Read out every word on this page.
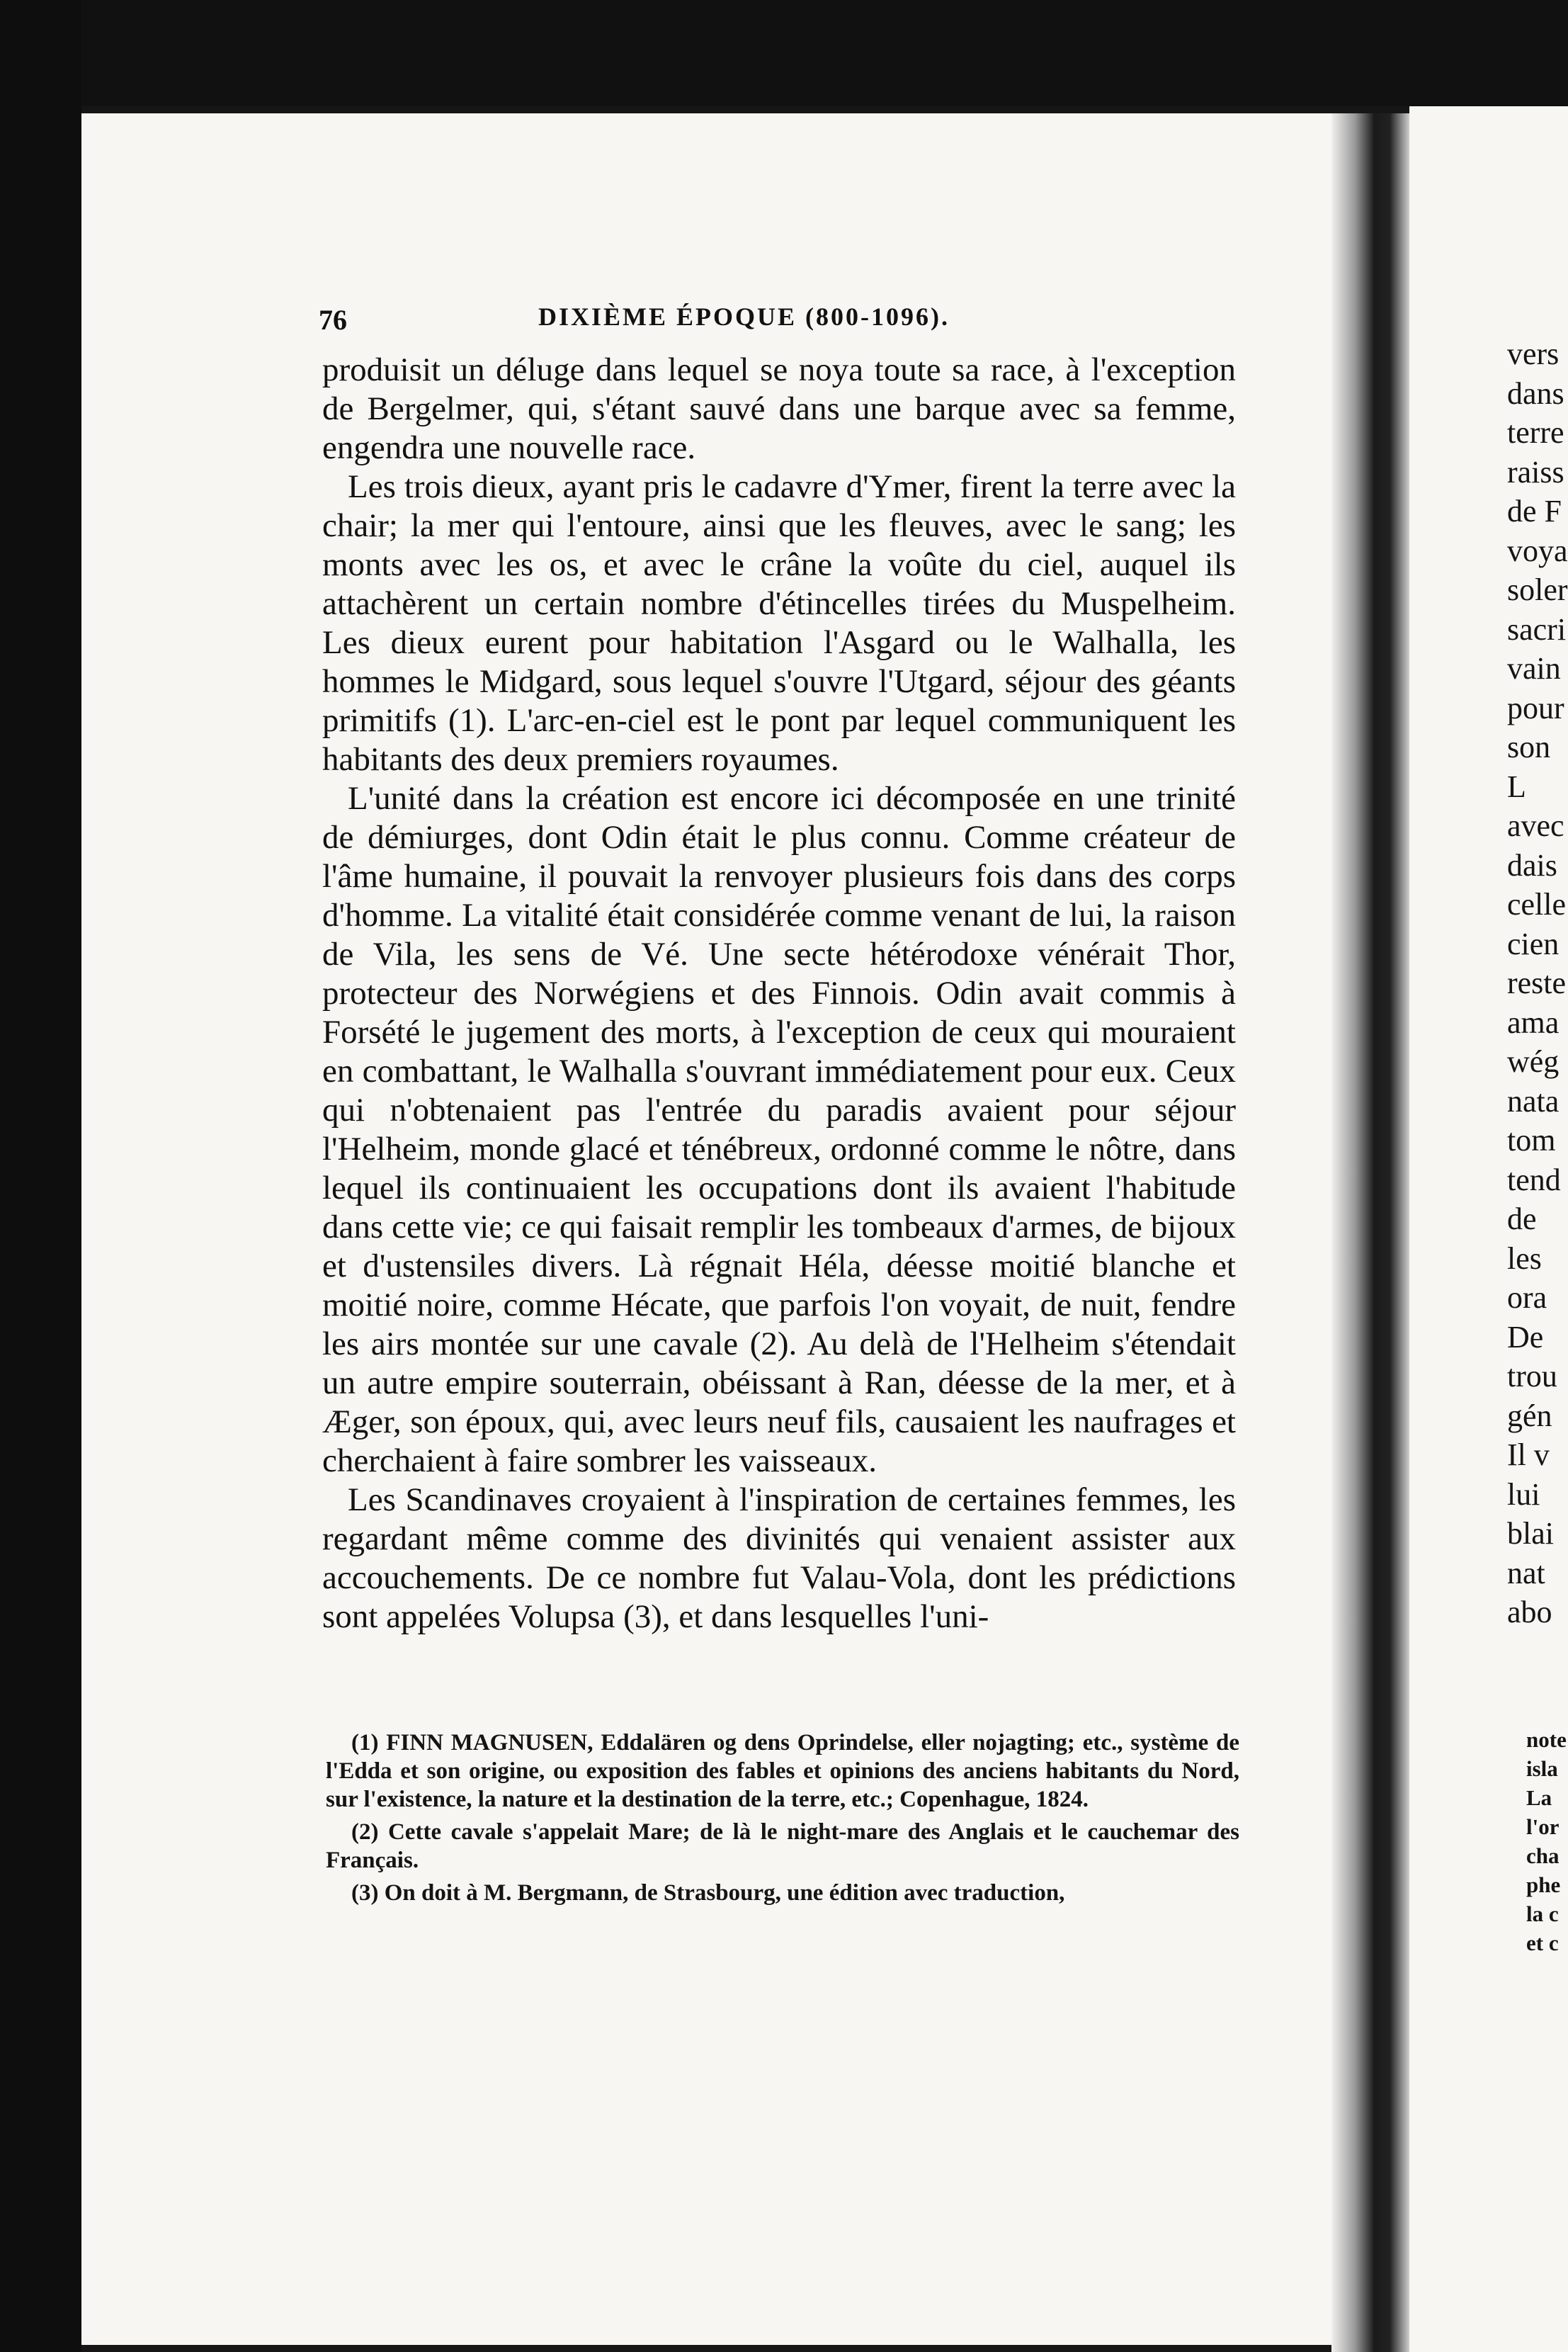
76	DIXIÈME ÉPOQUE (800-1096).

produisit un déluge dans lequel se noya toute sa race, à l'exception de Bergelmer, qui, s'étant sauvé dans une barque avec sa femme, engendra une nouvelle race.

Les trois dieux, ayant pris le cadavre d'Ymer, firent la terre avec la chair; la mer qui l'entoure, ainsi que les fleuves, avec le sang; les monts avec les os, et avec le crâne la voûte du ciel, auquel ils attachèrent un certain nombre d'étincelles tirées du Muspelheim. Les dieux eurent pour habitation l'Asgard ou le Walhalla, les hommes le Midgard, sous lequel s'ouvre l'Utgard, séjour des géants primitifs (1). L'arc-en-ciel est le pont par lequel communiquent les habitants des deux premiers royaumes.

L'unité dans la création est encore ici décomposée en une trinité de démiurges, dont Odin était le plus connu. Comme créateur de l'âme humaine, il pouvait la renvoyer plusieurs fois dans des corps d'homme. La vitalité était considérée comme venant de lui, la raison de Vila, les sens de Vé. Une secte hétérodoxe vénérait Thor, protecteur des Norwégiens et des Finnois. Odin avait commis à Forsété le jugement des morts, à l'exception de ceux qui mouraient en combattant, le Walhalla s'ouvrant immédiatement pour eux. Ceux qui n'obtenaient pas l'entrée du paradis avaient pour séjour l'Helheim, monde glacé et ténébreux, ordonné comme le nôtre, dans lequel ils continuaient les occupations dont ils avaient l'habitude dans cette vie; ce qui faisait remplir les tombeaux d'armes, de bijoux et d'ustensiles divers. Là régnait Héla, déesse moitié blanche et moitié noire, comme Hécate, que parfois l'on voyait, de nuit, fendre les airs montée sur une cavale (2). Au delà de l'Helheim s'étendait un autre empire souterrain, obéissant à Ran, déesse de la mer, et à Æger, son époux, qui, avec leurs neuf fils, causaient les naufrages et cherchaient à faire sombrer les vaisseaux.

Les Scandinaves croyaient à l'inspiration de certaines femmes, les regardant même comme des divinités qui venaient assister aux accouchements. De ce nombre fut Valau-Vola, dont les prédictions sont appelées Volupsa (3), et dans lesquelles l'uni-

(1) FINN MAGNUSEN, Eddalären og dens Oprindelse, eller nojagting; etc., système de l'Edda et son origine, ou exposition des fables et opinions des anciens habitants du Nord, sur l'existence, la nature et la destination de la terre, etc.; Copenhague, 1824.

(2) Cette cavale s'appelait Mare; de là le night-mare des Anglais et le cauchemar des Français.

(3) On doit à M. Bergmann, de Strasbourg, une édition avec traduction,

vers
dans
terre
raiss
de F
voya
soler
sacri
vain
pour
son
L
avec
dais
celle
cien
reste
ama
wég
nata
tom
tend
de
les
ora
De
trou
gén
Il v
lui
blai
nat
abo
note
isla
La
l'or
cha
phe
la c
et c
